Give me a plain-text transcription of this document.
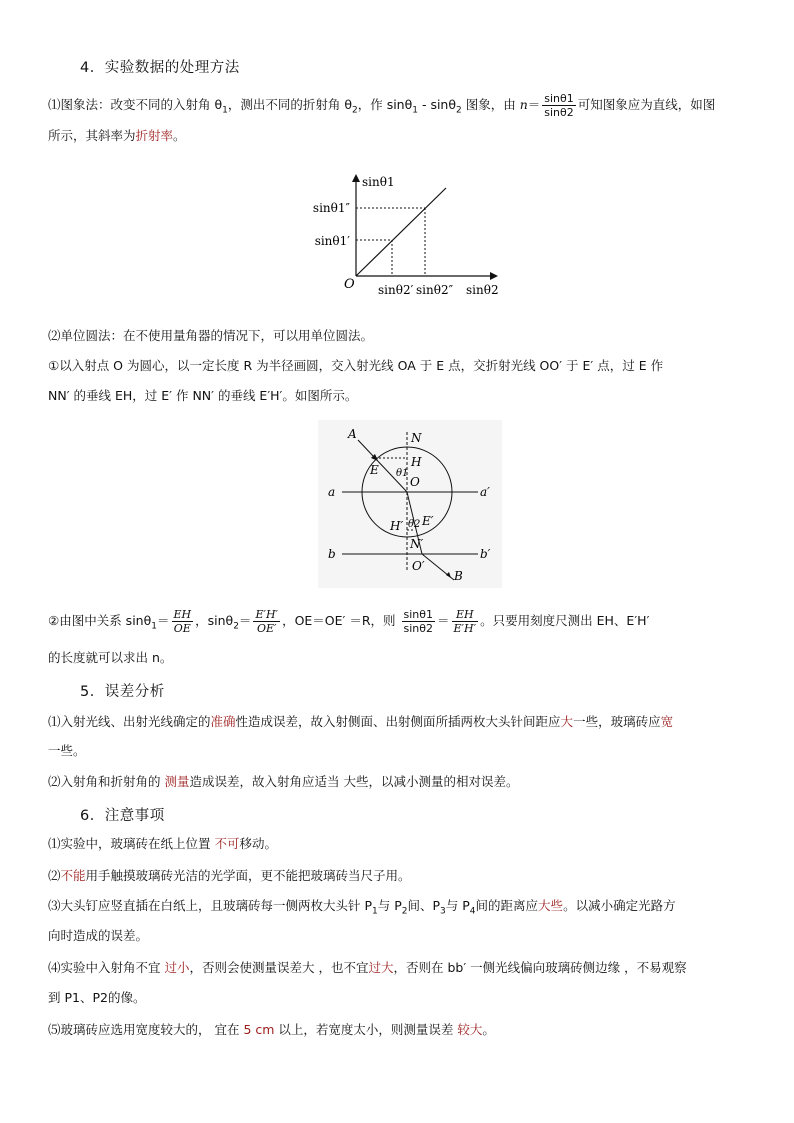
4．实验数据的处理方法
⑴图象法：改变不同的入射角 $\theta_1$，测出不同的折射角 $\theta_2$，作 sinθ$_1$ - sinθ$_2$ 图象，由 $n= \frac{\sin\theta 1}{\sin\theta 2}$ 可知图象应为直线，如图
所示，其斜率为折射率。
sinθ1
sinθ1″
sinθ1′
O sinθ2′ sinθ2″ sinθ2
⑵单位圆法：在不使用量角器的情况下，可以用单位圆法。
①以入射点 O 为圆心，以一定长度 R 为半径画圆，交入射光线 OA 于 E 点，交折射光线 OO′ 于 E′ 点，过 E 作
NN′ 的垂线 EH，过 E′ 作 NN′ 的垂线 E′H′。如图所示。
A	N
H
E θ1
O
a	a′
H′ θ2 E′
N′
b	b′
O′
B
②由图中关系 $\sin\theta_1= \frac{EH}{OE}$ ，$\sin\theta_2= \frac{E'H'}{OE'}$ ，OE＝OE′ ＝R，则 $\frac{\sin\theta 1}{\sin\theta 2} = \frac{EH}{E'H'}$ 。只要用刻度尺测出 EH、E′H′
的长度就可以求出 n。
5．误差分析
⑴入射光线、出射光线确定的准确性造成误差，故入射侧面、出射侧面所插两枚大头针间距应大一些，玻璃砖应宽
一些。
⑵入射角和折射角的 测量造成误差，故入射角应适当 大些，以减小测量的相对误差。
6．注意事项
⑴实验中，玻璃砖在纸上位置 不可移动。
⑵不能用手触摸玻璃砖光洁的光学面，更不能把玻璃砖当尺子用。
⑶大头钉应竖直插在白纸上，且玻璃砖每一侧两枚大头针 $P_1$与 $P_2$间、$P_3$与 $P_4$间的距离应大些。以减小确定光路方
向时造成的误差。
⑷实验中入射角不宜 过小，否则会使测量误差大 ，也不宜过大，否则在 bb′ 一侧光线偏向玻璃砖侧边缘 ，不易观察
到 P1、P2的像。
⑸玻璃砖应选用宽度较大的， 宜在 5 cm 以上，若宽度太小，则测量误差 较大。
